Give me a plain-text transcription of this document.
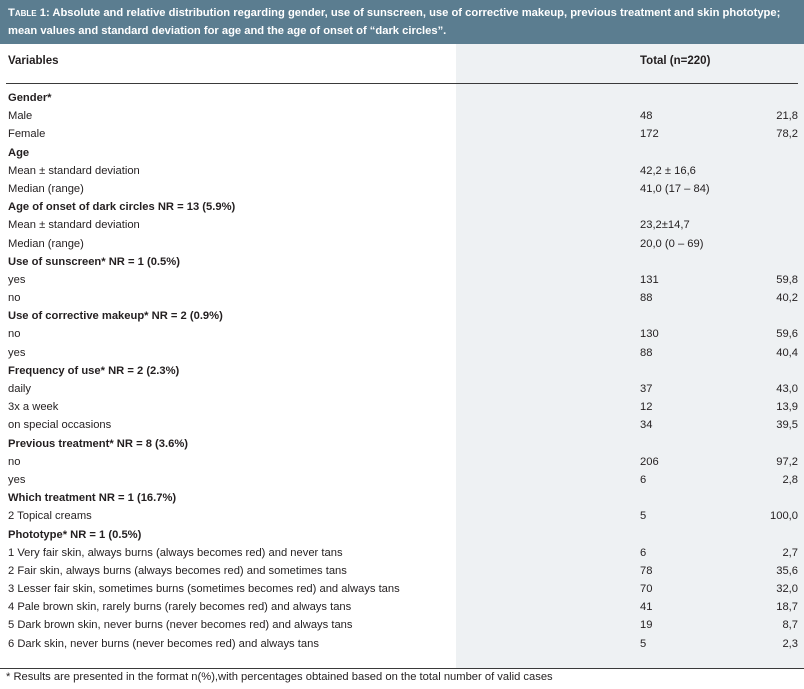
Table 1: Absolute and relative distribution regarding gender, use of sunscreen, use of corrective makeup, previous treatment and skin phototype; mean values and standard deviation for age and the age of onset of “dark circles”.
Variables	Total (n=220)
Gender*
Male	48	21,8
Female	172	78,2
Age
Mean ± standard deviation	42,2 ± 16,6
Median (range)	41,0 (17 – 84)
Age of onset of dark circles NR = 13 (5.9%)
Mean ± standard deviation	23,2±14,7
Median (range)	20,0 (0 – 69)
Use of sunscreen* NR = 1 (0.5%)
yes	131	59,8
no	88	40,2
Use of corrective makeup* NR = 2 (0.9%)
no	130	59,6
yes	88	40,4
Frequency of use* NR = 2 (2.3%)
daily	37	43,0
3x a week	12	13,9
on special occasions	34	39,5
Previous treatment* NR = 8 (3.6%)
no	206	97,2
yes	6	2,8
Which treatment NR = 1 (16.7%)
2 Topical creams	5	100,0
Phototype* NR = 1 (0.5%)
1 Very fair skin, always burns (always becomes red) and never tans	6	2,7
2 Fair skin, always burns (always becomes red) and sometimes tans	78	35,6
3 Lesser fair skin, sometimes burns (sometimes becomes red) and always tans	70	32,0
4 Pale brown skin, rarely burns (rarely becomes red) and always tans	41	18,7
5 Dark brown skin, never burns (never becomes red) and always tans	19	8,7
6 Dark skin, never burns (never becomes red) and always tans	5	2,3
* Results are presented in the format n(%),with percentages obtained based on the total number of valid cases
